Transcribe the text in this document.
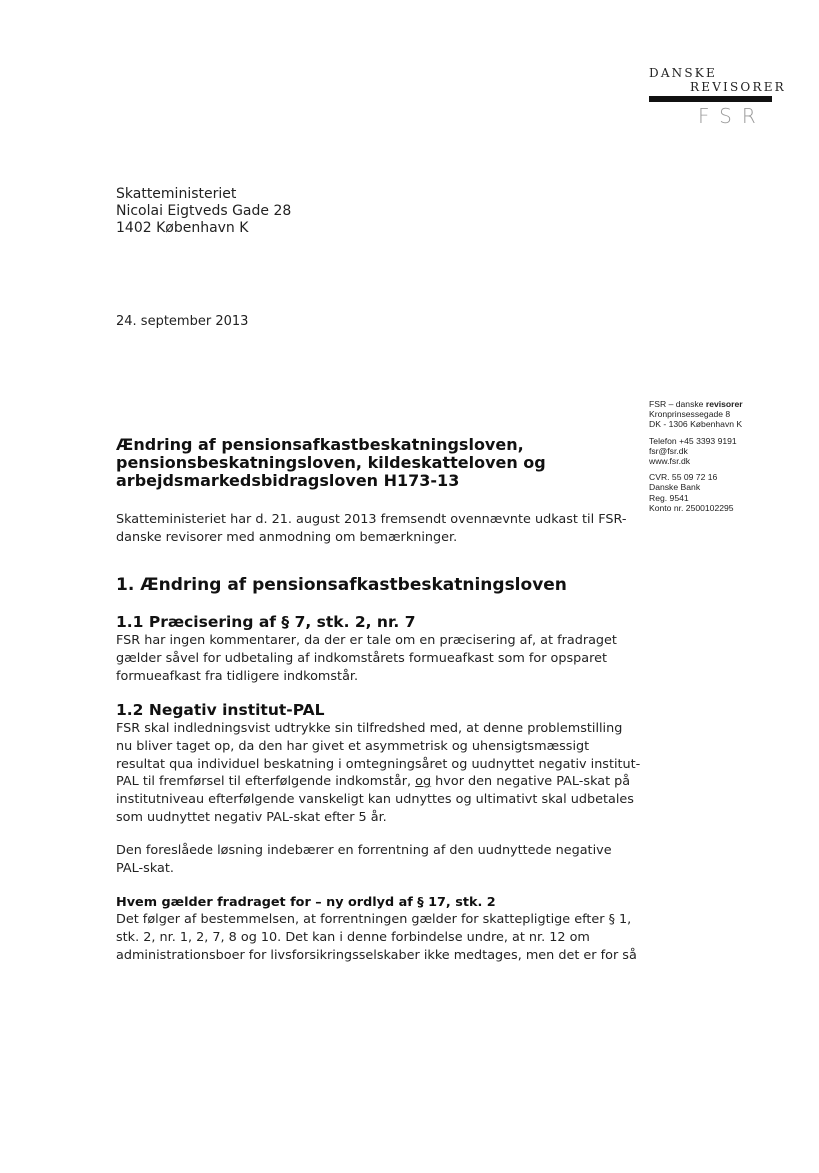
DANSKE
REVISORER
FSR
Skatteministeriet
Nicolai Eigtveds Gade 28
1402 København K
24. september 2013
FSR – danske revisorer
Kronprinsessegade 8
DK - 1306 København K
Telefon +45 3393 9191
fsr@fsr.dk
www.fsr.dk
CVR. 55 09 72 16
Danske Bank
Reg. 9541
Konto nr. 2500102295
Ændring af pensionsafkastbeskatningsloven,
pensionsbeskatningsloven, kildeskatteloven og
arbejdsmarkedsbidragsloven H173-13
Skatteministeriet har d. 21. august 2013 fremsendt ovennævnte udkast til FSR-
danske revisorer med anmodning om bemærkninger.
1. Ændring af pensionsafkastbeskatningsloven
1.1 Præcisering af § 7, stk. 2, nr. 7
FSR har ingen kommentarer, da der er tale om en præcisering af, at fradraget
gælder såvel for udbetaling af indkomstårets formueafkast som for opsparet
formueafkast fra tidligere indkomstår.
1.2 Negativ institut-PAL
FSR skal indledningsvist udtrykke sin tilfredshed med, at denne problemstilling
nu bliver taget op, da den har givet et asymmetrisk og uhensigtsmæssigt
resultat qua individuel beskatning i omtegningsåret og uudnyttet negativ institut-
PAL til fremførsel til efterfølgende indkomstår, og hvor den negative PAL-skat på
institutniveau efterfølgende vanskeligt kan udnyttes og ultimativt skal udbetales
som uudnyttet negativ PAL-skat efter 5 år.
Den foreslåede løsning indebærer en forrentning af den uudnyttede negative
PAL-skat.
Hvem gælder fradraget for – ny ordlyd af § 17, stk. 2
Det følger af bestemmelsen, at forrentningen gælder for skattepligtige efter § 1,
stk. 2, nr. 1, 2, 7, 8 og 10. Det kan i denne forbindelse undre, at nr. 12 om
administrationsboer for livsforsikringsselskaber ikke medtages, men det er for så
